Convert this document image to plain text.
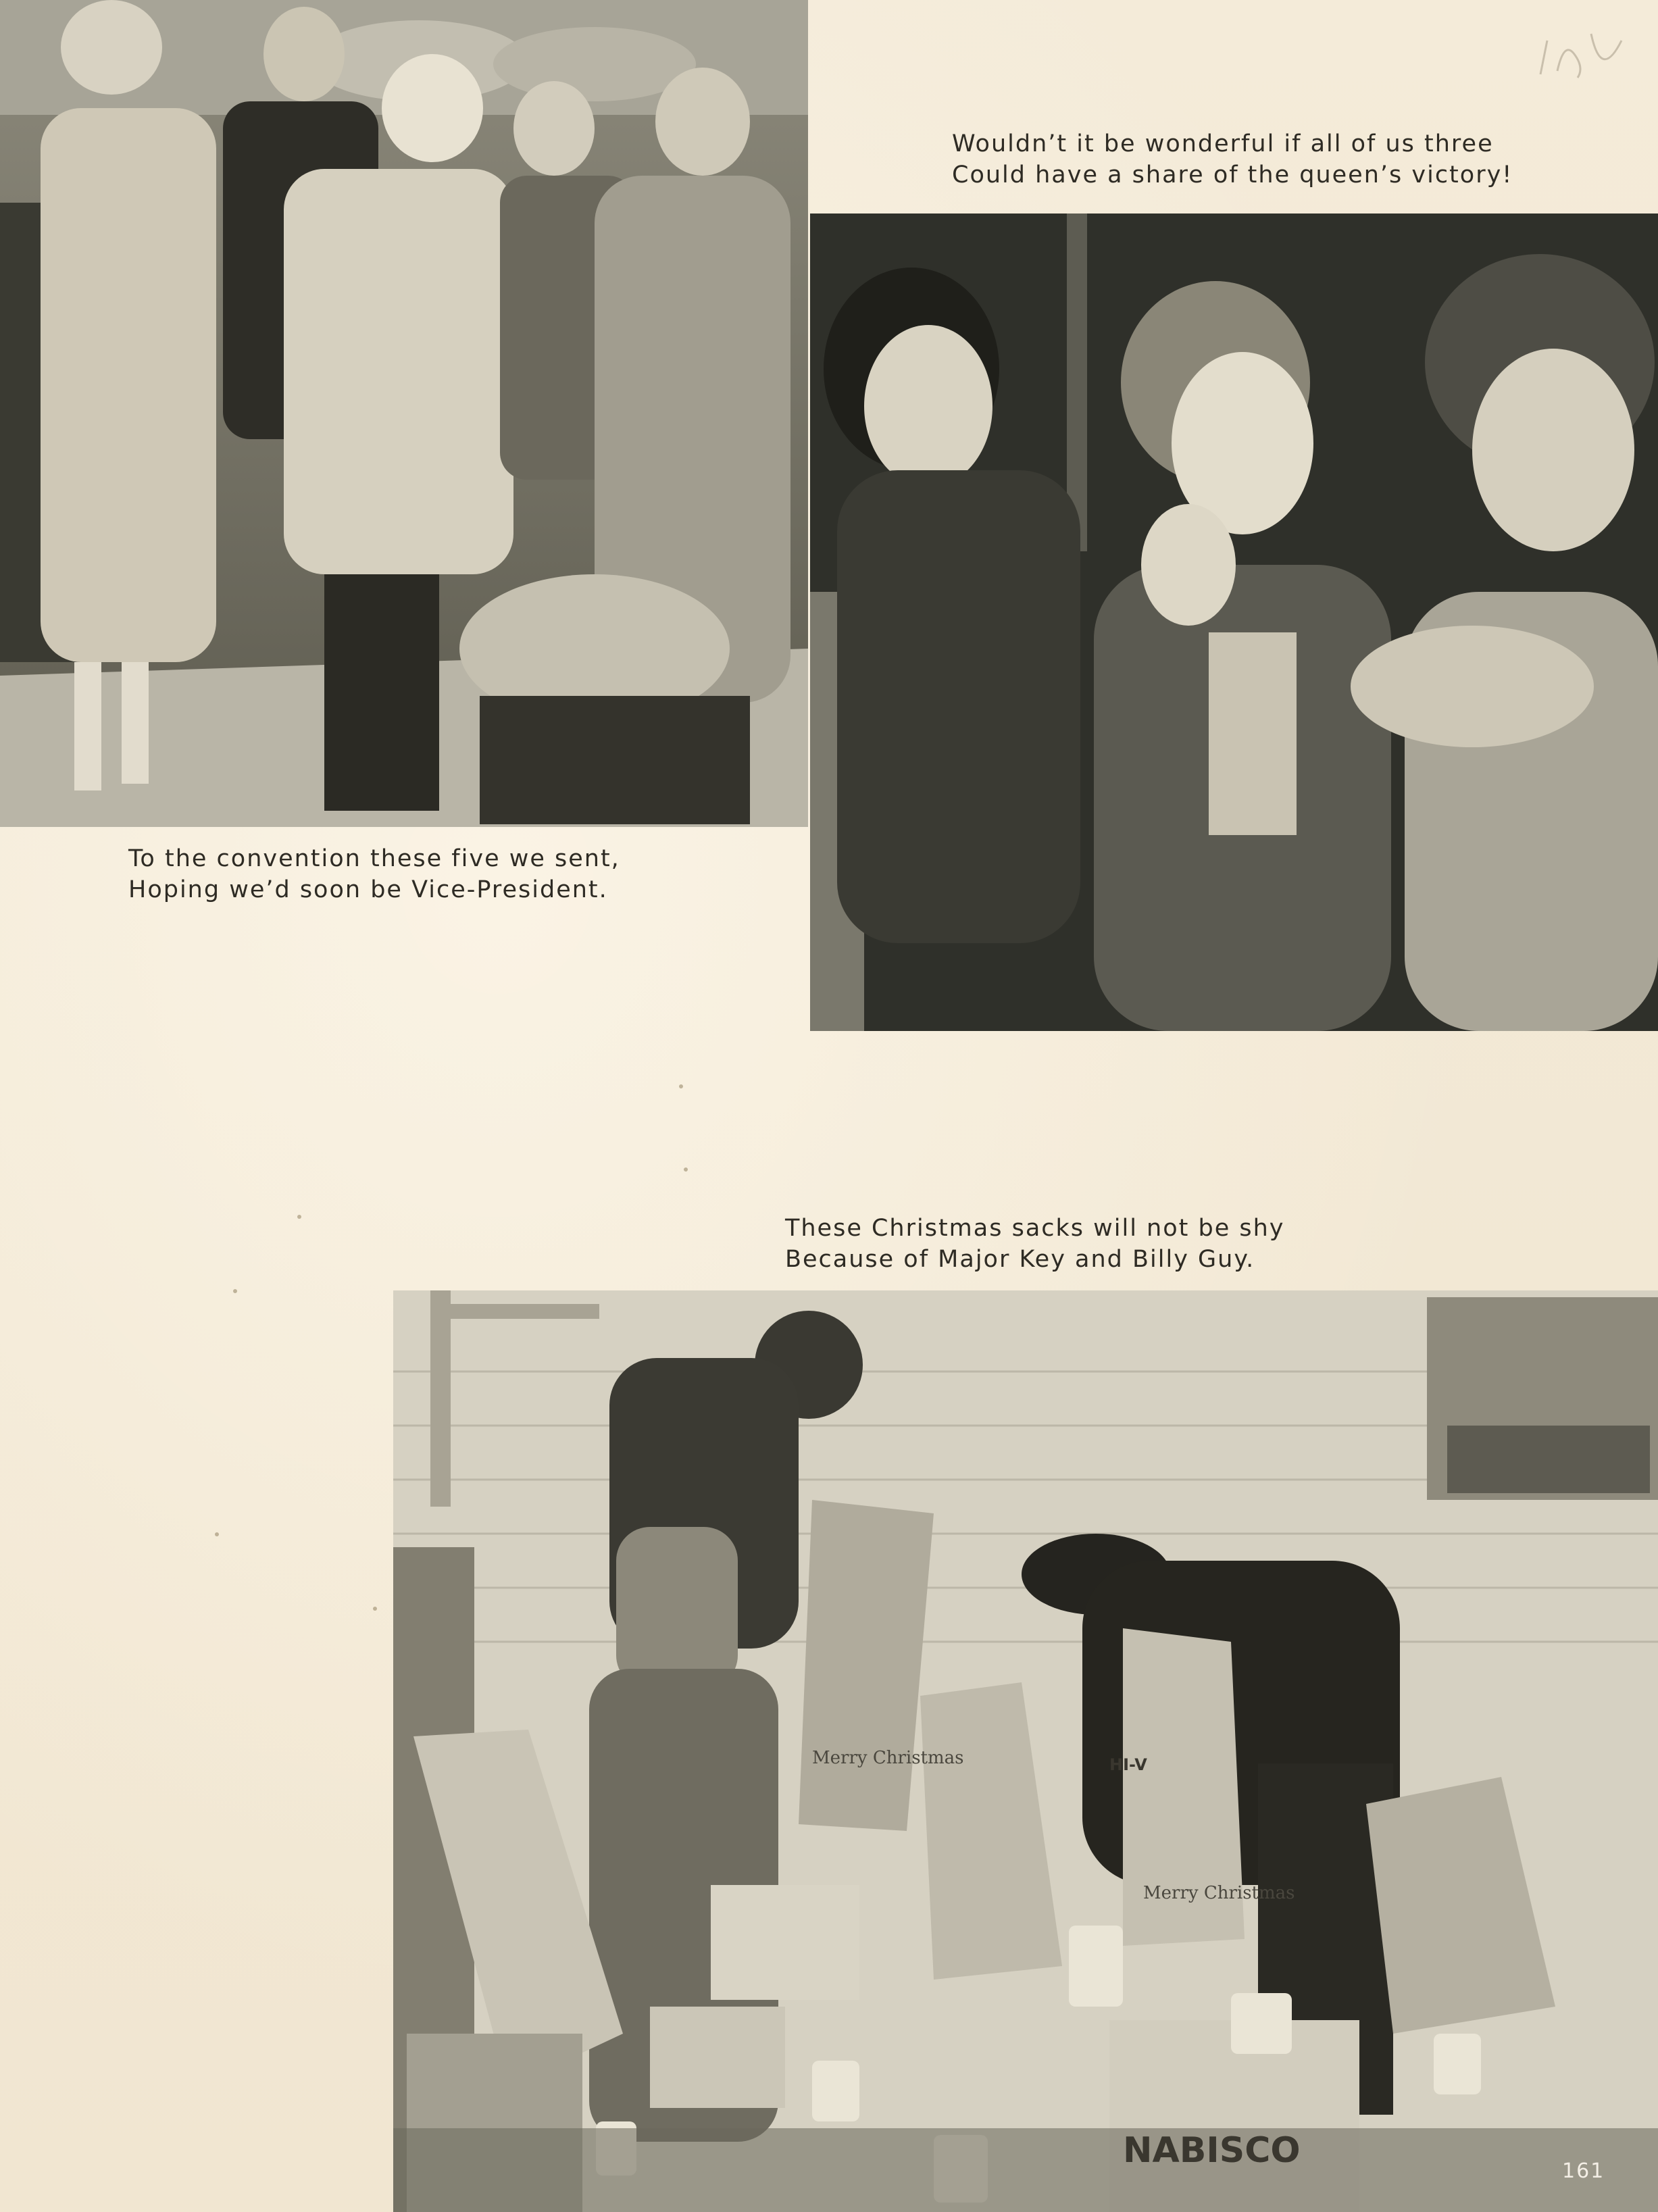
To the convention these five we sent,
Hoping we’d soon be Vice-President.
Wouldn’t it be wonderful if all of us three
Could have a share of the queen’s victory!
These Christmas sacks will not be shy
Because of Major Key and Billy Guy.
Merry Christmas
Merry Christmas
HI-V
NABISCO
161
